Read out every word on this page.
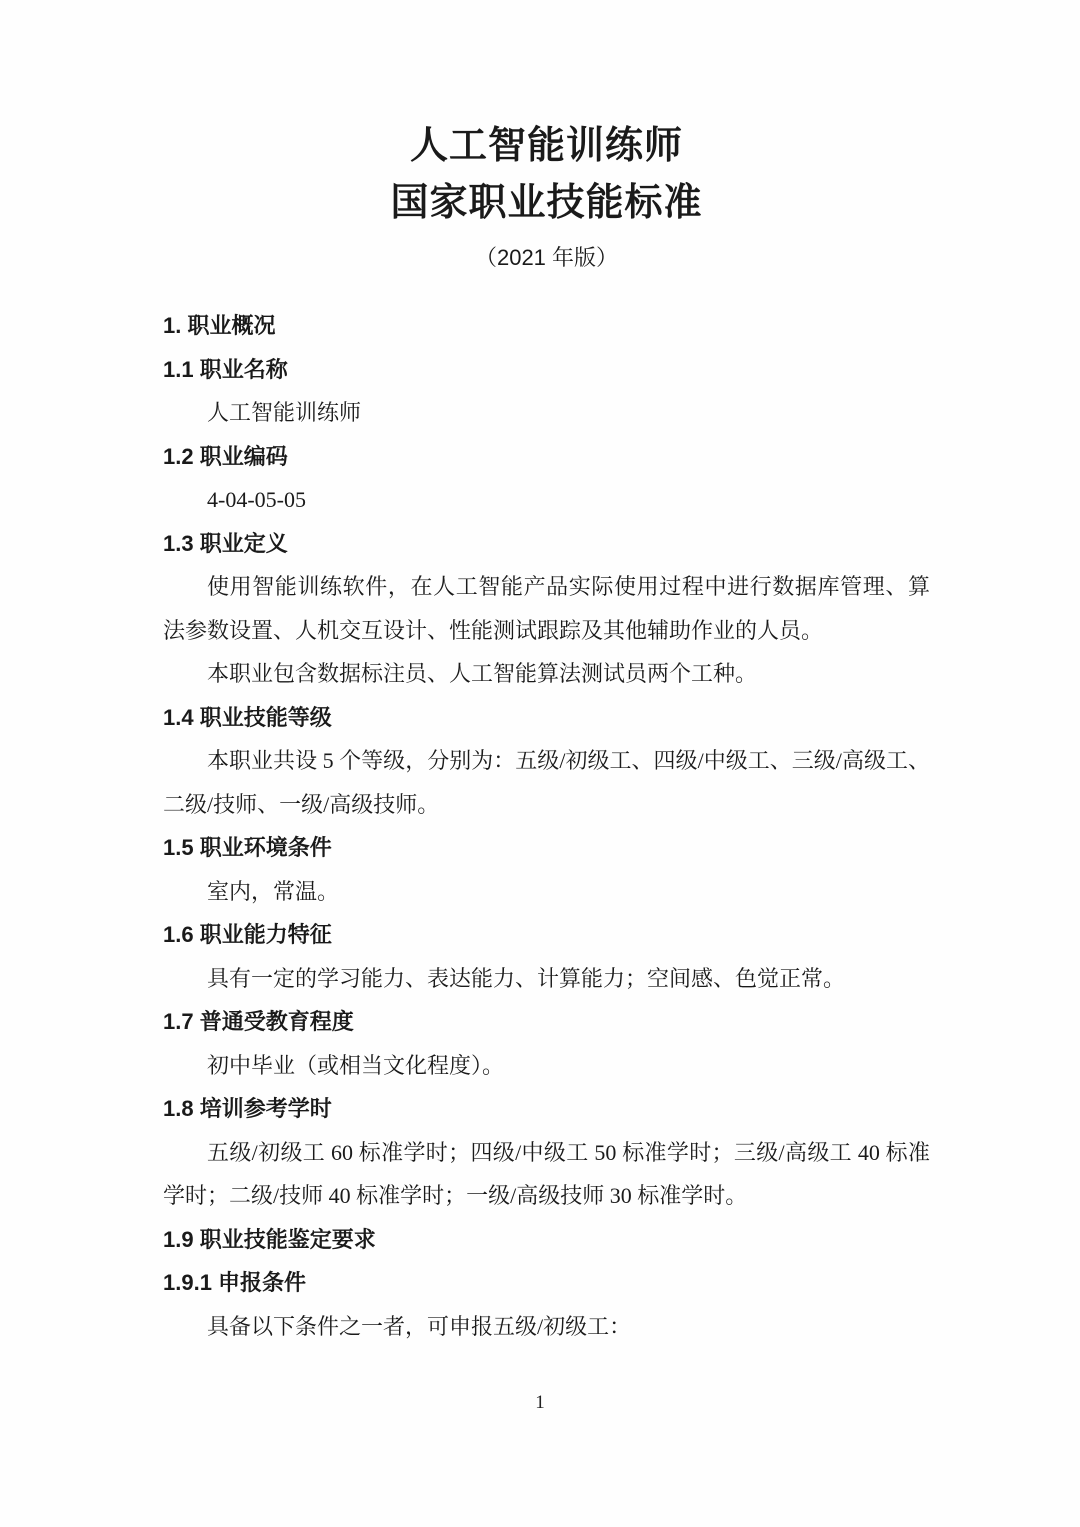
人工智能训练师
国家职业技能标准
（2021 年版）
1. 职业概况
1.1 职业名称
人工智能训练师
1.2 职业编码
4-04-05-05
1.3 职业定义
使用智能训练软件，在人工智能产品实际使用过程中进行数据库管理、算法参数设置、人机交互设计、性能测试跟踪及其他辅助作业的人员。
本职业包含数据标注员、人工智能算法测试员两个工种。
1.4 职业技能等级
本职业共设 5 个等级，分别为：五级/初级工、四级/中级工、三级/高级工、二级/技师、一级/高级技师。
1.5 职业环境条件
室内，常温。
1.6 职业能力特征
具有一定的学习能力、表达能力、计算能力；空间感、色觉正常。
1.7 普通受教育程度
初中毕业（或相当文化程度）。
1.8 培训参考学时
五级/初级工 60 标准学时；四级/中级工 50 标准学时；三级/高级工 40 标准学时；二级/技师 40 标准学时；一级/高级技师 30 标准学时。
1.9 职业技能鉴定要求
1.9.1 申报条件
具备以下条件之一者，可申报五级/初级工：
1
